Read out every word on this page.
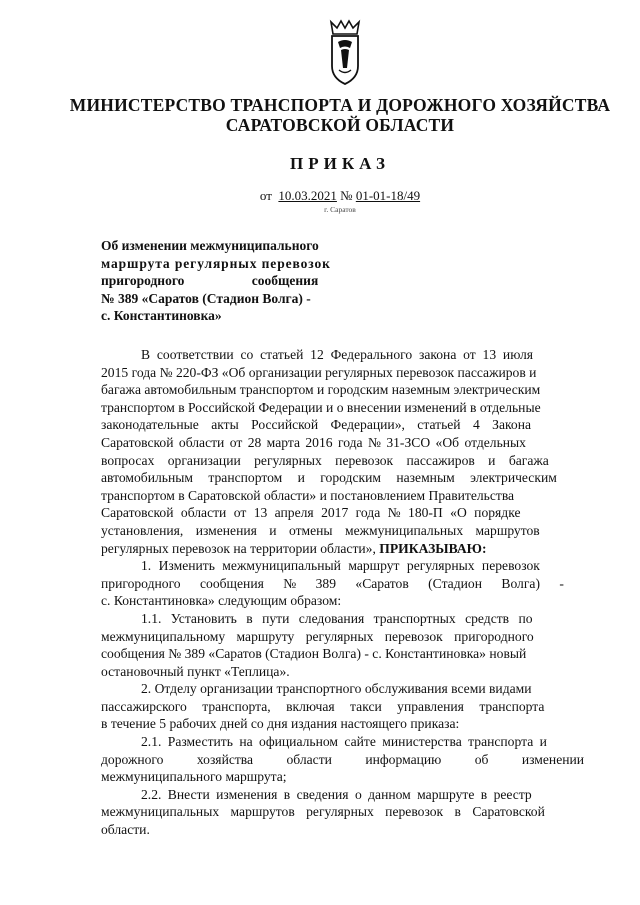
МИНИСТЕРСТВО ТРАНСПОРТА И ДОРОЖНОГО ХОЗЯЙСТВА
САРАТОВСКОЙ ОБЛАСТИ
ПРИКАЗ
от 10.03.2021 № 01-01-18/49
г. Саратов
Об изменении межмуниципального
маршрута регулярных перевозок
пригородного сообщения
№ 389 «Саратов (Стадион Волга) -
с. Константиновка»
В соответствии со статьей 12 Федерального закона от 13 июля
2015 года № 220-ФЗ «Об организации регулярных перевозок пассажиров и
багажа автомобильным транспортом и городским наземным электрическим
транспортом в Российской Федерации и о внесении изменений в отдельные
законодательные акты Российской Федерации», статьей 4 Закона
Саратовской области от 28 марта 2016 года № 31-ЗСО «Об отдельных
вопросах организации регулярных перевозок пассажиров и багажа
автомобильным транспортом и городским наземным электрическим
транспортом в Саратовской области» и постановлением Правительства
Саратовской области от 13 апреля 2017 года № 180-П «О порядке
установления, изменения и отмены межмуниципальных маршрутов
регулярных перевозок на территории области», ПРИКАЗЫВАЮ:
1. Изменить межмуниципальный маршрут регулярных перевозок
пригородного сообщения № 389 «Саратов (Стадион Волга) -
с. Константиновка» следующим образом:
1.1. Установить в пути следования транспортных средств по
межмуниципальному маршруту регулярных перевозок пригородного
сообщения № 389 «Саратов (Стадион Волга) - с. Константиновка» новый
остановочный пункт «Теплица».
2. Отделу организации транспортного обслуживания всеми видами
пассажирского транспорта, включая такси управления транспорта
в течение 5 рабочих дней со дня издания настоящего приказа:
2.1. Разместить на официальном сайте министерства транспорта и
дорожного хозяйства области информацию об изменении
межмуниципального маршрута;
2.2. Внести изменения в сведения о данном маршруте в реестр
межмуниципальных маршрутов регулярных перевозок в Саратовской
области.
